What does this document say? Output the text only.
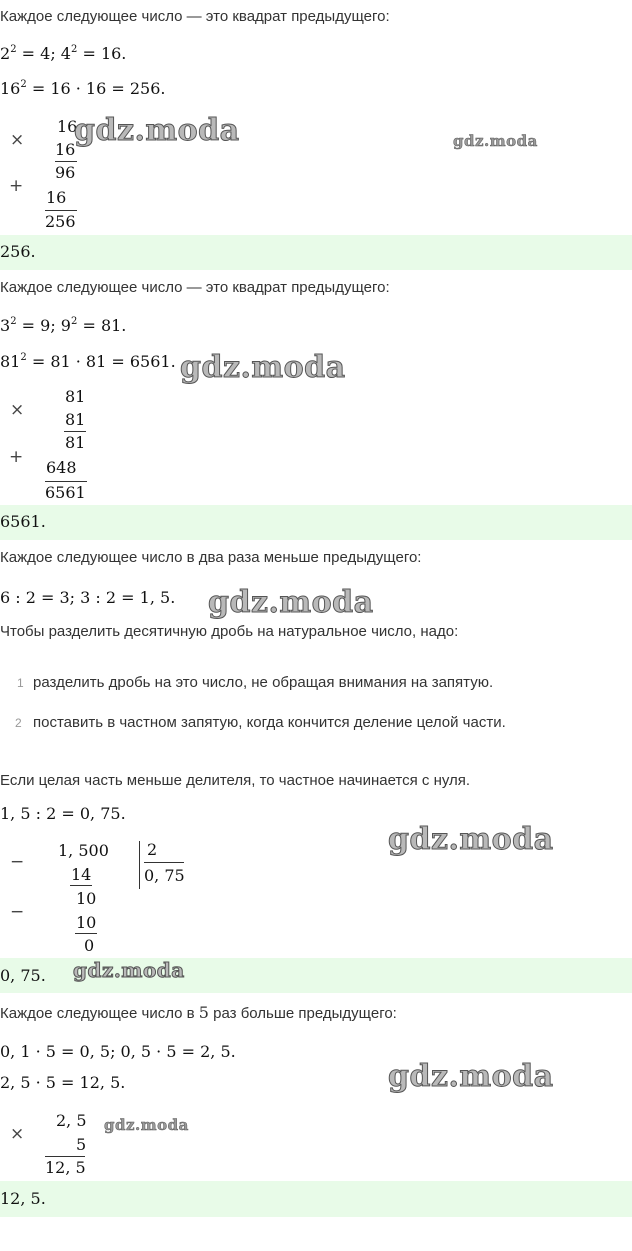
Каждое следующее число — это квадрат предыдущего:
$2^2 = 4$; $4^2 = 16$.
$16^2 = 16 \cdot 16 = 256$.
×
16
16
96
+
16
256
256.
gdz.moda	gdz.moda
Каждое следующее число — это квадрат предыдущего:
$3^2 = 9$; $9^2 = 81$.
$81^2 = 81 \cdot 81 = 6561$. gdz.moda
×
81
81
81
+
648
6561
6561.
Каждое следующее число в два раза меньше предыдущего:
6 : 2 = 3; 3 : 2 = 1, 5. gdz.moda
Чтобы разделить десятичную дробь на натуральное число, надо:
1 разделить дробь на это число, не обращая внимания на запятую.
2 поставить в частном запятую, когда кончится деление целой части.
Если целая часть меньше делителя, то частное начинается с нуля.
1, 5 : 2 = 0, 75.
gdz.moda
−
1, 500
14
−
10
10
0
2
0, 75
0, 75. gdz.moda
Каждое следующее число в 5 раз больше предыдущего:
0, 1 · 5 = 0, 5; 0, 5 · 5 = 2, 5.
2, 5 · 5 = 12, 5.	gdz.moda
×
2, 5 gdz.moda
5
12, 5
12, 5.
